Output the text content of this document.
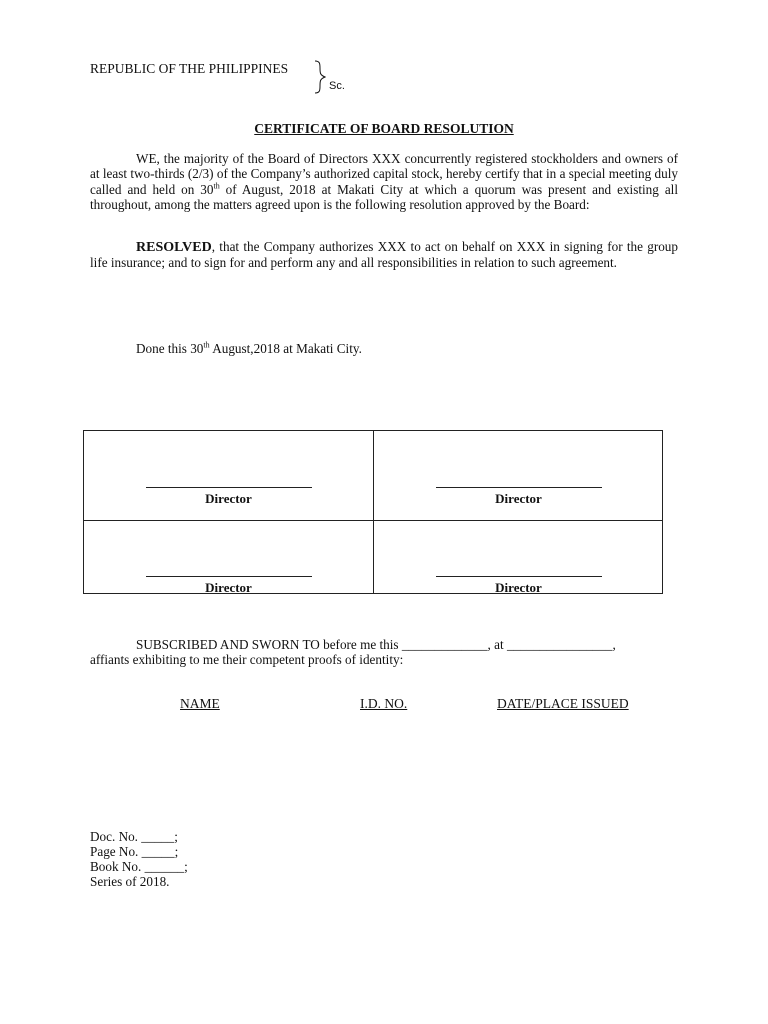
REPUBLIC OF THE PHILIPPINES
Sc.
CERTIFICATE OF BOARD RESOLUTION
WE, the majority of the Board of Directors XXX concurrently registered stockholders and owners of at least two-thirds (2/3) of the Company’s authorized capital stock, hereby certify that in a special meeting duly called and held on 30th of August, 2018 at Makati City at which a quorum was present and existing all throughout, among the matters agreed upon is the following resolution approved by the Board:
RESOLVED, that the Company authorizes XXX to act on behalf on XXX in signing for the group life insurance; and to sign for and perform any and all responsibilities in relation to such agreement.
Done this 30th August,2018 at Makati City.
Director	Director
Director	Director
SUBSCRIBED AND SWORN TO before me this _____________, at ________________,
affiants exhibiting to me their competent proofs of identity:
NAME	I.D. NO.	DATE/PLACE ISSUED
Doc. No. _____;
Page No. _____;
Book No. ______;
Series of 2018.
